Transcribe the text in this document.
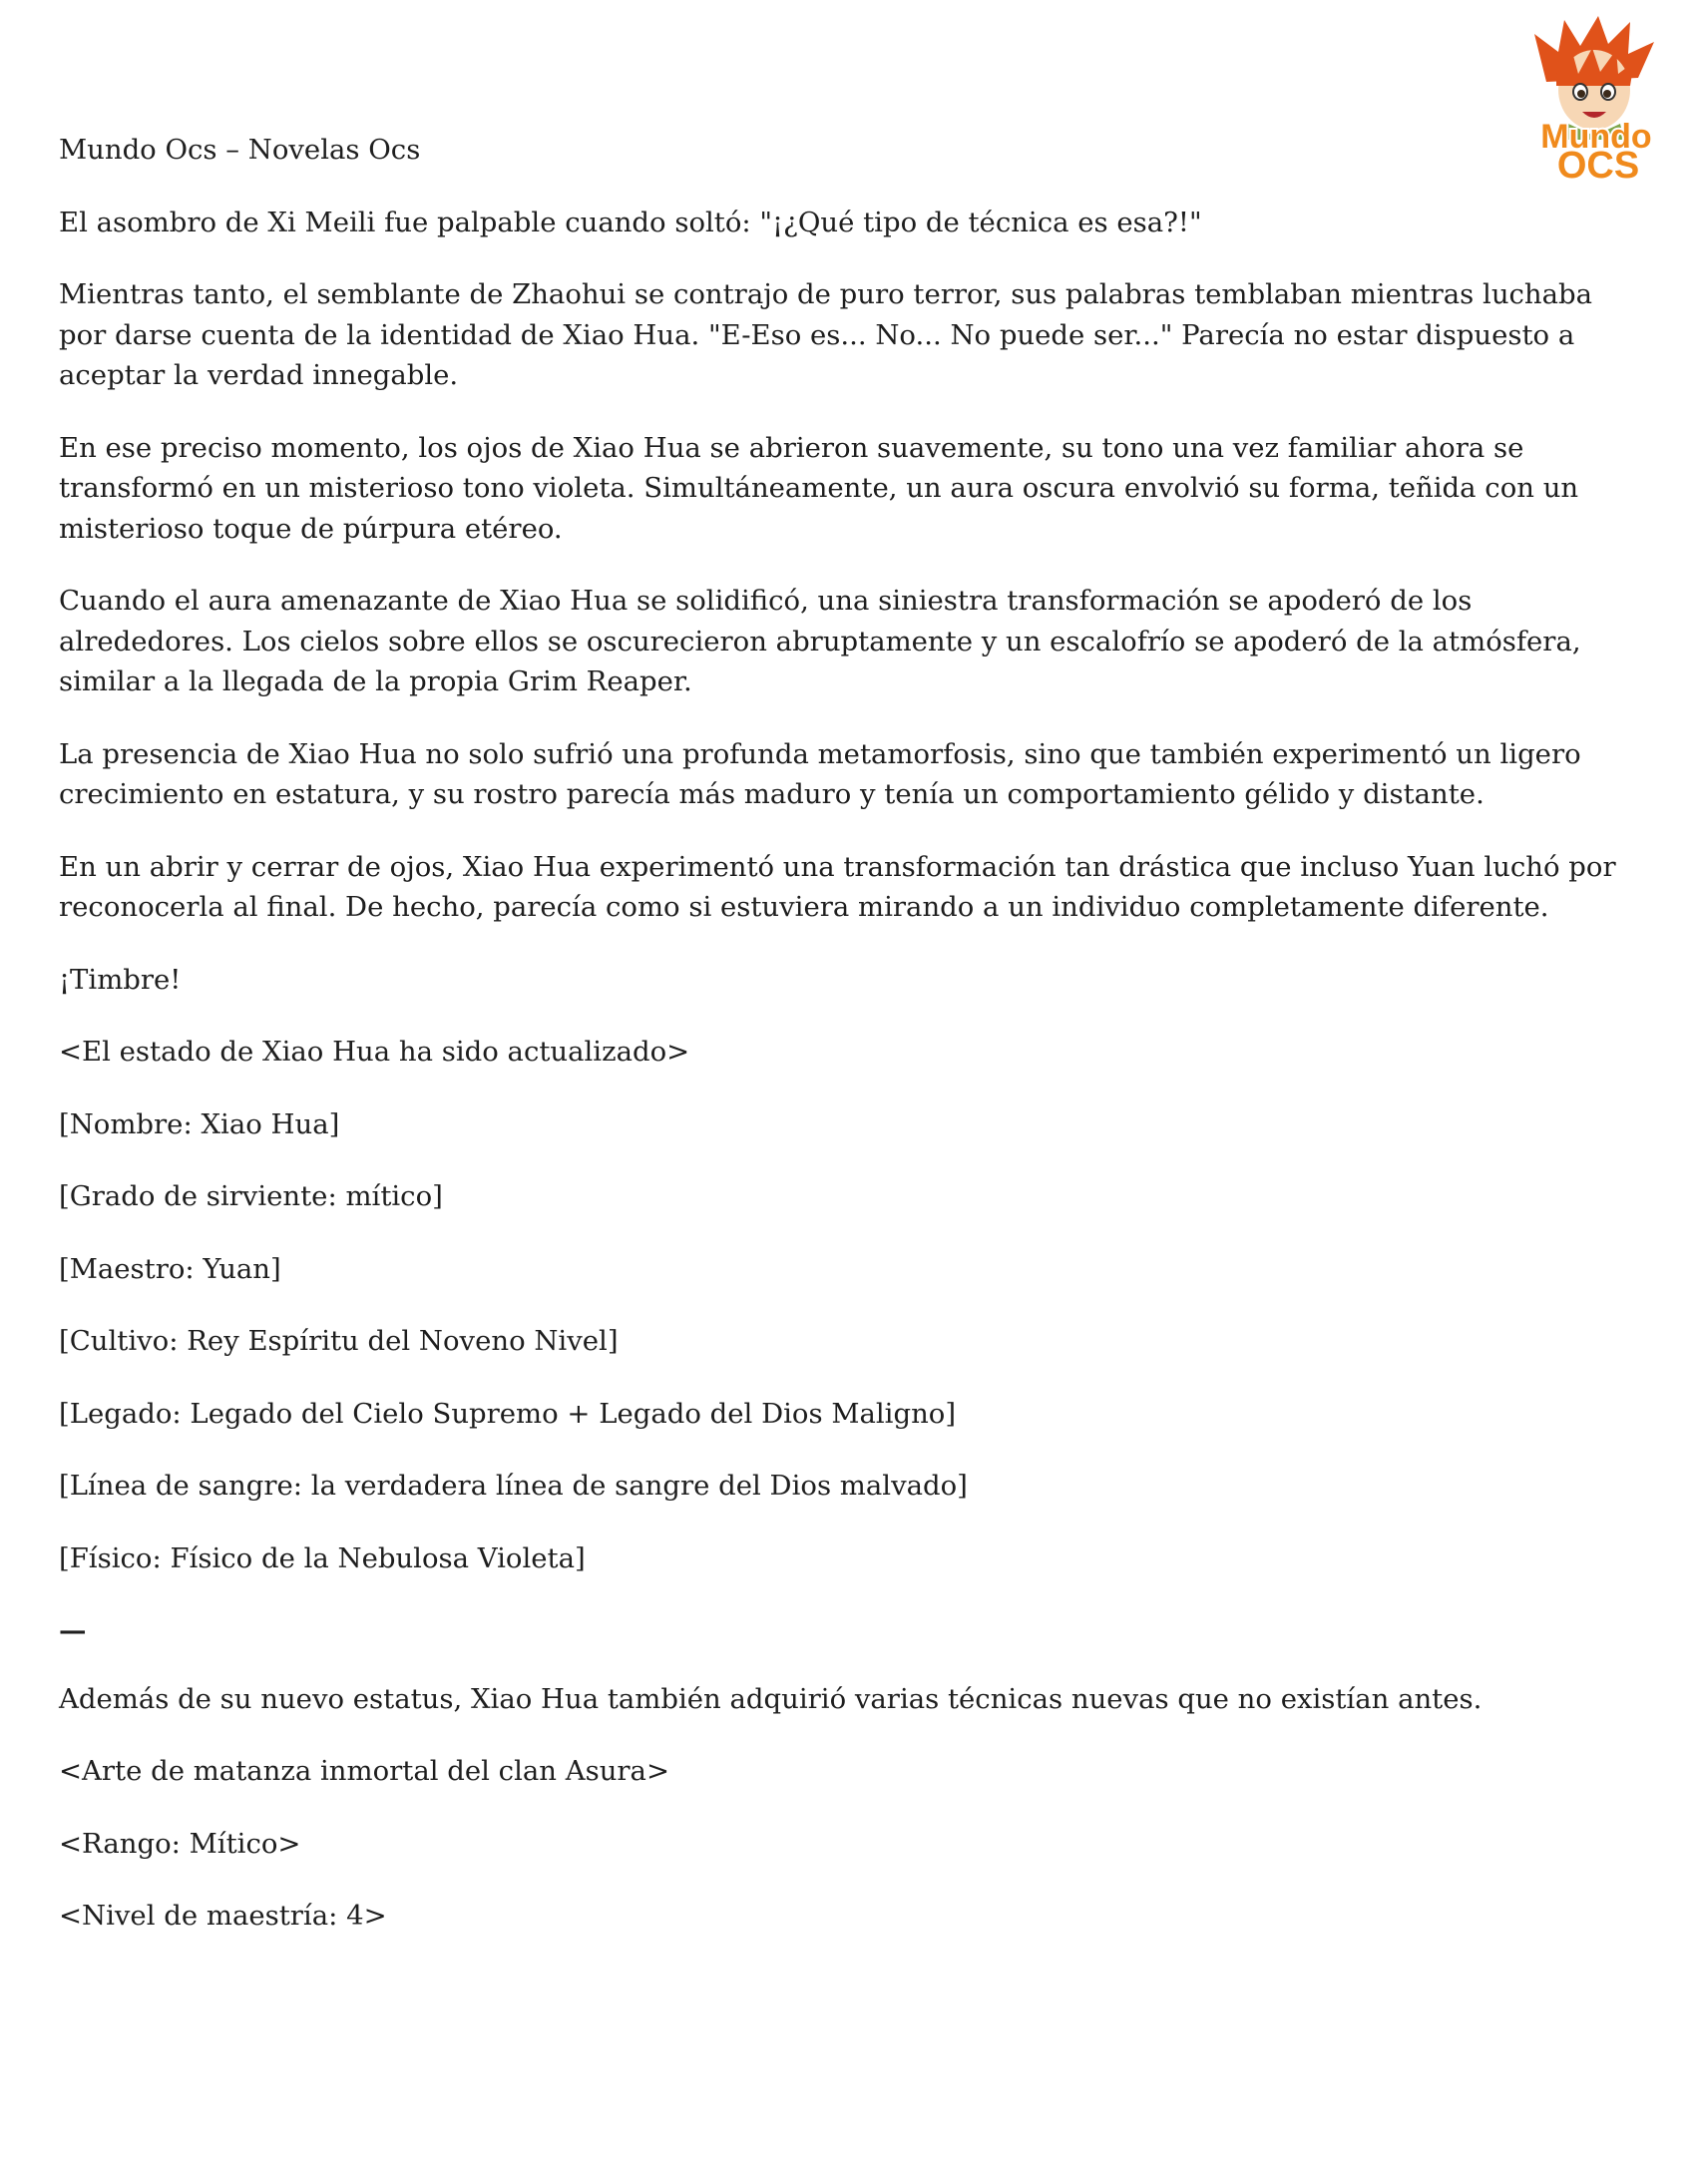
Mundo
OCS

Mundo Ocs – Novelas Ocs

El asombro de Xi Meili fue palpable cuando soltó: "¡¿Qué tipo de técnica es esa?!"

Mientras tanto, el semblante de Zhaohui se contrajo de puro terror, sus palabras temblaban mientras luchaba por darse cuenta de la identidad de Xiao Hua. "E-Eso es... No... No puede ser..." Parecía no estar dispuesto a aceptar la verdad innegable.

En ese preciso momento, los ojos de Xiao Hua se abrieron suavemente, su tono una vez familiar ahora se transformó en un misterioso tono violeta. Simultáneamente, un aura oscura envolvió su forma, teñida con un misterioso toque de púrpura etéreo.

Cuando el aura amenazante de Xiao Hua se solidificó, una siniestra transformación se apoderó de los alrededores. Los cielos sobre ellos se oscurecieron abruptamente y un escalofrío se apoderó de la atmósfera, similar a la llegada de la propia Grim Reaper.

La presencia de Xiao Hua no solo sufrió una profunda metamorfosis, sino que también experimentó un ligero crecimiento en estatura, y su rostro parecía más maduro y tenía un comportamiento gélido y distante.

En un abrir y cerrar de ojos, Xiao Hua experimentó una transformación tan drástica que incluso Yuan luchó por reconocerla al final. De hecho, parecía como si estuviera mirando a un individuo completamente diferente.

¡Timbre!

<El estado de Xiao Hua ha sido actualizado>

[Nombre: Xiao Hua]

[Grado de sirviente: mítico]

[Maestro: Yuan]

[Cultivo: Rey Espíritu del Noveno Nivel]

[Legado: Legado del Cielo Supremo + Legado del Dios Maligno]

[Línea de sangre: la verdadera línea de sangre del Dios malvado]

[Físico: Físico de la Nebulosa Violeta]

—

Además de su nuevo estatus, Xiao Hua también adquirió varias técnicas nuevas que no existían antes.

<Arte de matanza inmortal del clan Asura>

<Rango: Mítico>

<Nivel de maestría: 4>
